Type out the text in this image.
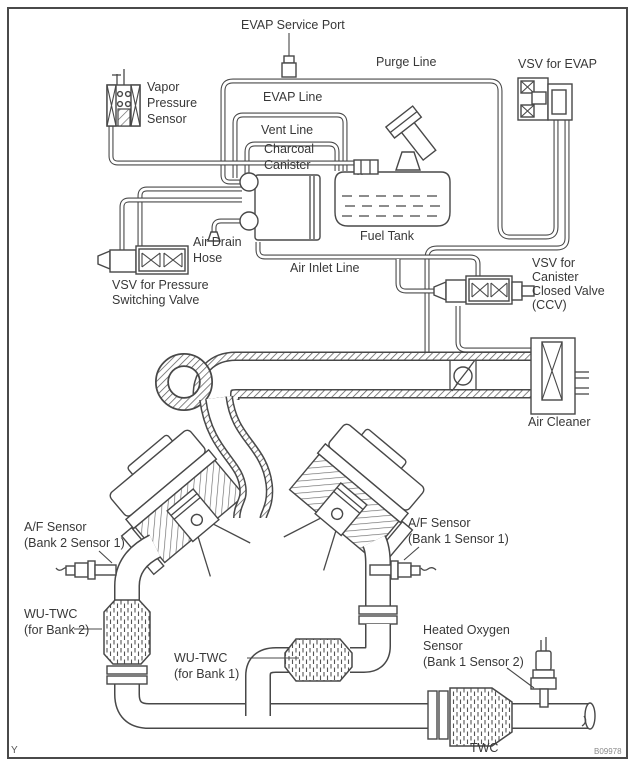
EVAP Service Port
Purge Line	VSV for EVAP
Vapor
Pressure
Sensor
EVAP Line
Vent Line
Charcoal
Canister
Fuel Tank
Air Drain
Hose
VSV for Pressure
Switching Valve
Air Inlet Line	VSV for
Canister
Closed Valve
(CCV)
Air Cleaner
A/F Sensor
(Bank 2 Sensor 1)
A/F Sensor
(Bank 1 Sensor 1)
WU-TWC
(for Bank 2)
WU-TWC
(for Bank 1)
Heated Oxygen
Sensor
(Bank 1 Sensor 2)
TWC
Y	B09978
